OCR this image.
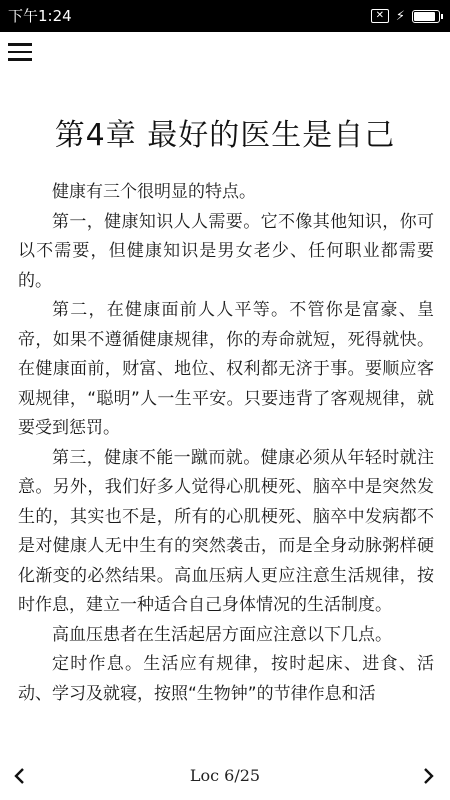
下午1:24	✕ ⚡
第4章 最好的医生是自己

健康有三个很明显的特点。

第一，健康知识人人需要。它不像其他知识，你可以不需要，但健康知识是男女老少、任何职业都需要的。

第二，在健康面前人人平等。不管你是富豪、皇帝，如果不遵循健康规律，你的寿命就短，死得就快。在健康面前，财富、地位、权利都无济于事。要顺应客观规律，“聪明”人一生平安。只要违背了客观规律，就要受到惩罚。

第三，健康不能一蹴而就。健康必须从年轻时就注意。另外，我们好多人觉得心肌梗死、脑卒中是突然发生的，其实也不是，所有的心肌梗死、脑卒中发病都不是对健康人无中生有的突然袭击，而是全身动脉粥样硬化渐变的必然结果。高血压病人更应注意生活规律，按时作息，建立一种适合自己身体情况的生活制度。

高血压患者在生活起居方面应注意以下几点。

定时作息。生活应有规律，按时起床、进食、活动、学习及就寝，按照“生物钟”的节律作息和活

Loc 6/25
